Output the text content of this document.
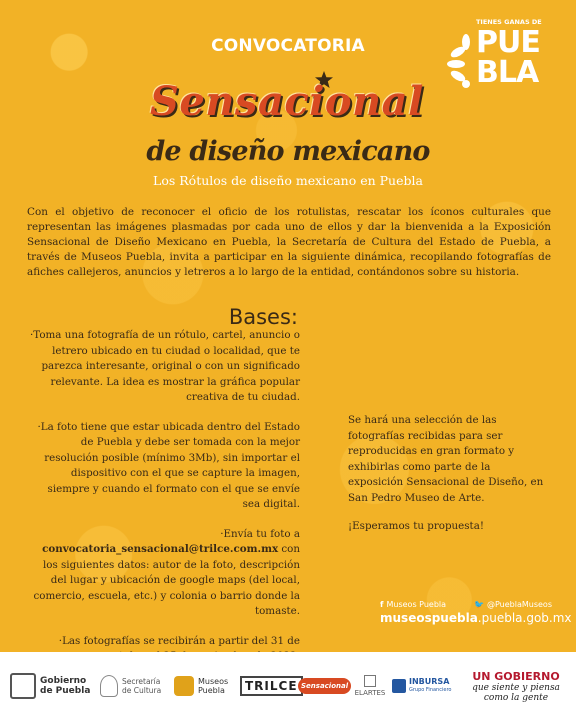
CONVOCATORIA
TIENES GANAS DE
PUE
BLA
Sensacional
de diseño mexicano
Los Rótulos de diseño mexicano en Puebla
Con el objetivo de reconocer el oficio de los rotulistas, rescatar los íconos culturales que representan las imágenes plasmadas por cada uno de ellos y dar la bienvenida a la Exposición Sensacional de Diseño Mexicano en Puebla, la Secretaría de Cultura del Estado de Puebla, a través de Museos Puebla, invita a participar en la siguiente dinámica, recopilando fotografías de afiches callejeros, anuncios y letreros a lo largo de la entidad, contándonos sobre su historia.
Bases:

·Toma una fotografía de un rótulo, cartel, anuncio o letrero ubicado en tu ciudad o localidad, que te parezca interesante, original o con un significado relevante. La idea es mostrar la gráfica popular creativa de tu ciudad.

·La foto tiene que estar ubicada dentro del Estado de Puebla y debe ser tomada con la mejor resolución posible (mínimo 3Mb), sin importar el dispositivo con el que se capture la imagen, siempre y cuando el formato con el que se envíe sea digital.

·Envía tu foto a
convocatoria_sensacional@trilce.com.mx con los siguientes datos: autor de la foto, descripción del lugar y ubicación de google maps (del local, comercio, escuela, etc.) y colonia o barrio donde la tomaste.

·Las fotografías se recibirán a partir del 31 de

Se hará una selección de las fotografías recibidas para ser reproducidas en gran formato y exhibirlas como parte de la exposición Sensacional de Diseño, en San Pedro Museo de Arte.

¡Esperamos tu propuesta!

f Museos Puebla	🐦 @PueblaMuseos
museospuebla.puebla.gob.mx
Gobierno
de Puebla
Secretaría
de Cultura
Museos
Puebla	TRILCE Sensacional
ELARTES
INBURSA
Grupo Financiero
UN GOBIERNO
que siente y piensa
como la gente
